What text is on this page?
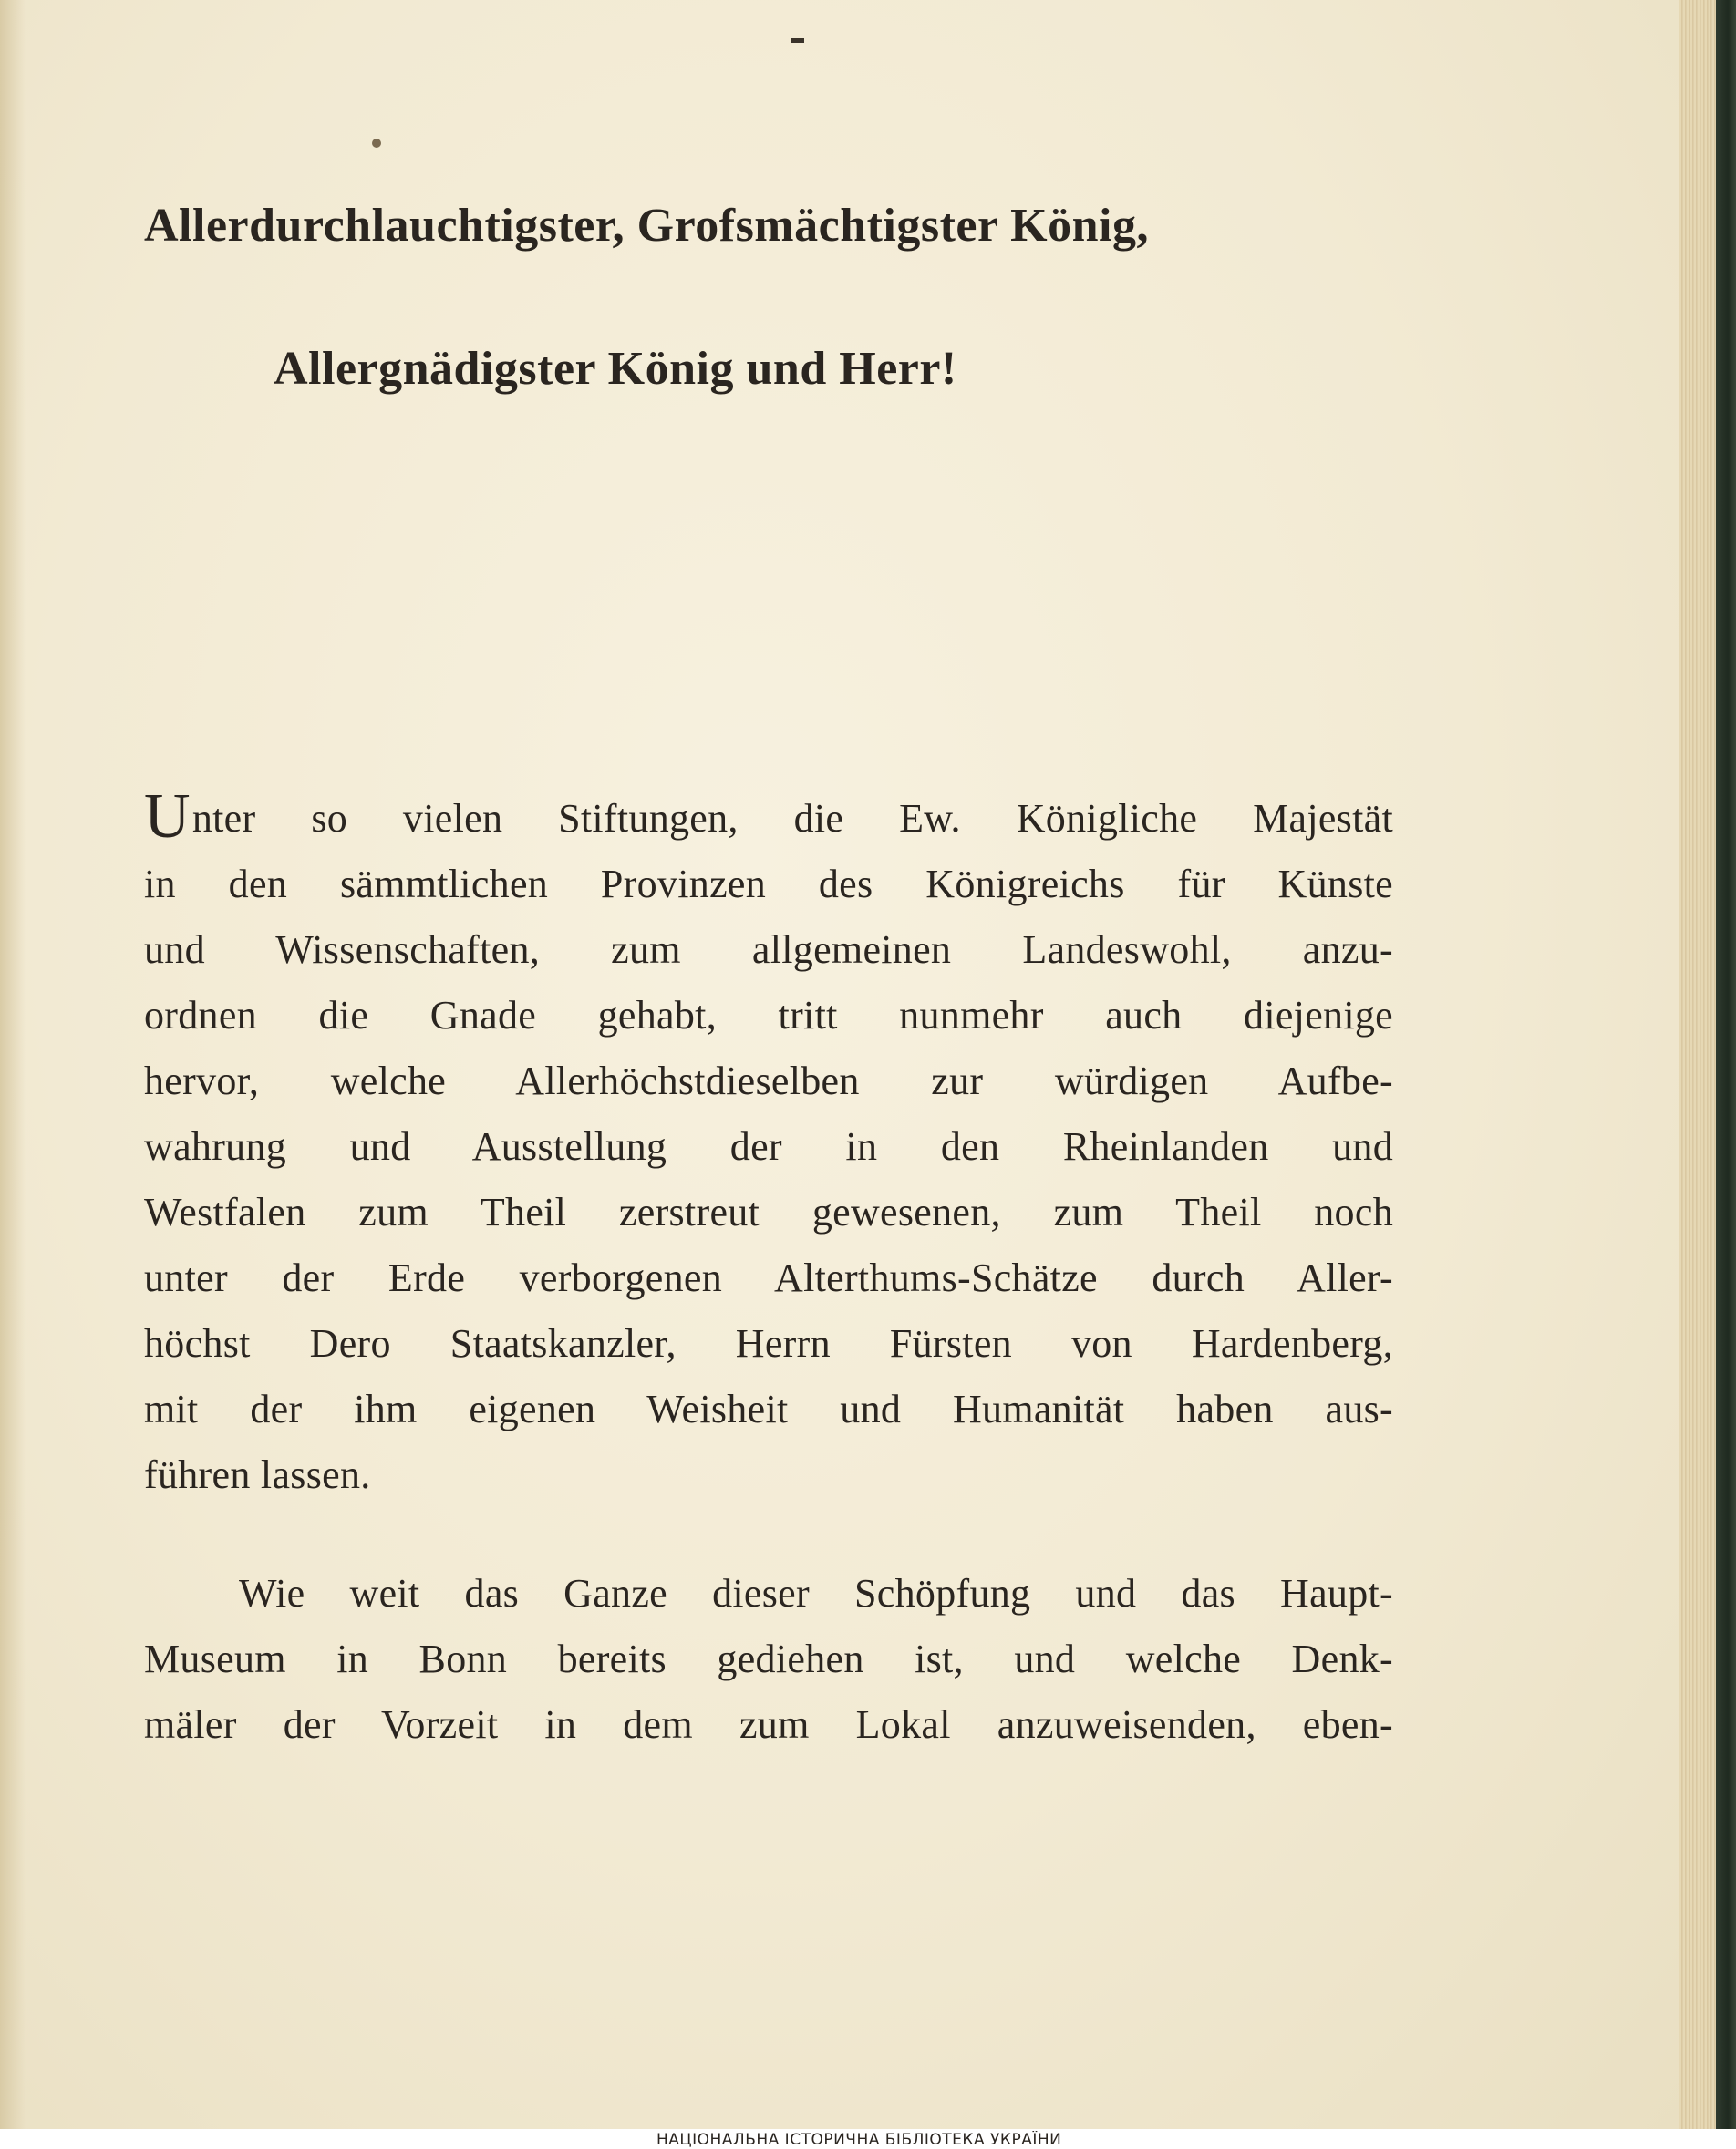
Allerdurchlauchtigster, Grofsmächtigster König,
Allergnädigster König und Herr!
Unter so vielen Stiftungen, die Ew. Königliche Majestät
in den sämmtlichen Provinzen des Königreichs für Künste
und Wissenschaften, zum allgemeinen Landeswohl, anzu-
ordnen die Gnade gehabt, tritt nunmehr auch diejenige
hervor, welche Allerhöchstdieselben zur würdigen Aufbe-
wahrung und Ausstellung der in den Rheinlanden und
Westfalen zum Theil zerstreut gewesenen, zum Theil noch
unter der Erde verborgenen Alterthums-Schätze durch Aller-
höchst Dero Staatskanzler, Herrn Fürsten von Hardenberg,
mit der ihm eigenen Weisheit und Humanität haben aus-
führen lassen.
Wie weit das Ganze dieser Schöpfung und das Haupt-
Museum in Bonn bereits gediehen ist, und welche Denk-
mäler der Vorzeit in dem zum Lokal anzuweisenden, eben-
НАЦІОНАЛЬНА ІСТОРИЧНА БІБЛІОТЕКА УКРАЇНИ
